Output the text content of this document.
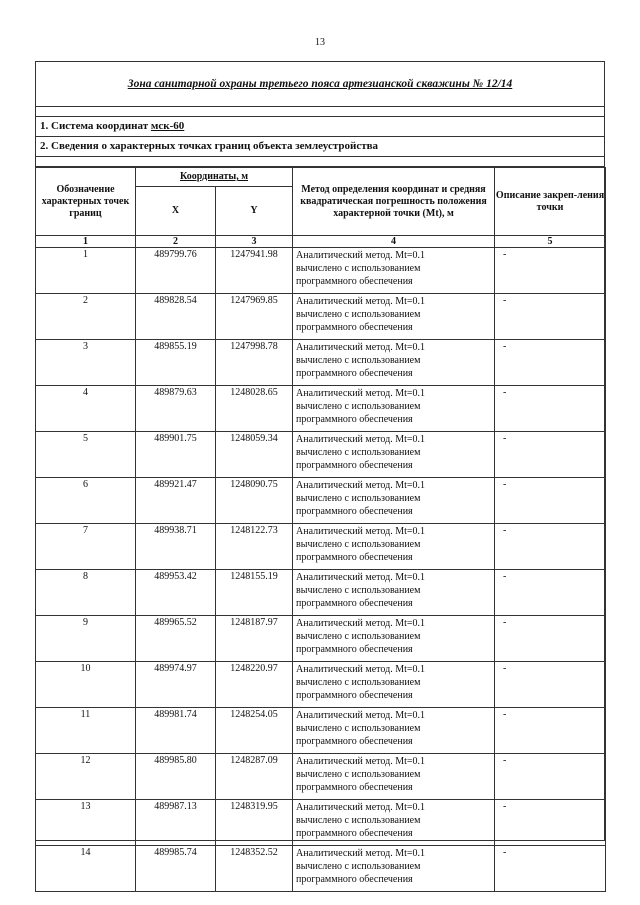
13
Зона санитарной охраны третьего пояса артезианской скважины № 12/14
1. Система координат мск-60
2. Сведения о характерных точках границ объекта землеустройства
Обозначение характерных точек границ	Координаты, м		Метод определения координат и средняя квадратическая погрешность положения характерной точки (Мt), м	Описание закреп-ления точки
	X	Y		
1	2	3	4	5
1	489799.76	1247941.98	Аналитический метод. Mt=0.1
вычислено с использованием
программного обеспечения	-
2	489828.54	1247969.85	Аналитический метод. Mt=0.1
вычислено с использованием
программного обеспечения	-
3	489855.19	1247998.78	Аналитический метод. Mt=0.1
вычислено с использованием
программного обеспечения	-
4	489879.63	1248028.65	Аналитический метод. Mt=0.1
вычислено с использованием
программного обеспечения	-
5	489901.75	1248059.34	Аналитический метод. Mt=0.1
вычислено с использованием
программного обеспечения	-
6	489921.47	1248090.75	Аналитический метод. Mt=0.1
вычислено с использованием
программного обеспечения	-
7	489938.71	1248122.73	Аналитический метод. Mt=0.1
вычислено с использованием
программного обеспечения	-
8	489953.42	1248155.19	Аналитический метод. Mt=0.1
вычислено с использованием
программного обеспечения	-
9	489965.52	1248187.97	Аналитический метод. Mt=0.1
вычислено с использованием
программного обеспечения	-
10	489974.97	1248220.97	Аналитический метод. Mt=0.1
вычислено с использованием
программного обеспечения	-
11	489981.74	1248254.05	Аналитический метод. Mt=0.1
вычислено с использованием
программного обеспечения	-
12	489985.80	1248287.09	Аналитический метод. Mt=0.1
вычислено с использованием
программного обеспечения	-
13	489987.13	1248319.95	Аналитический метод. Mt=0.1
вычислено с использованием
программного обеспечения	-
14	489985.74	1248352.52	Аналитический метод. Mt=0.1
вычислено с использованием
программного обеспечения	-
